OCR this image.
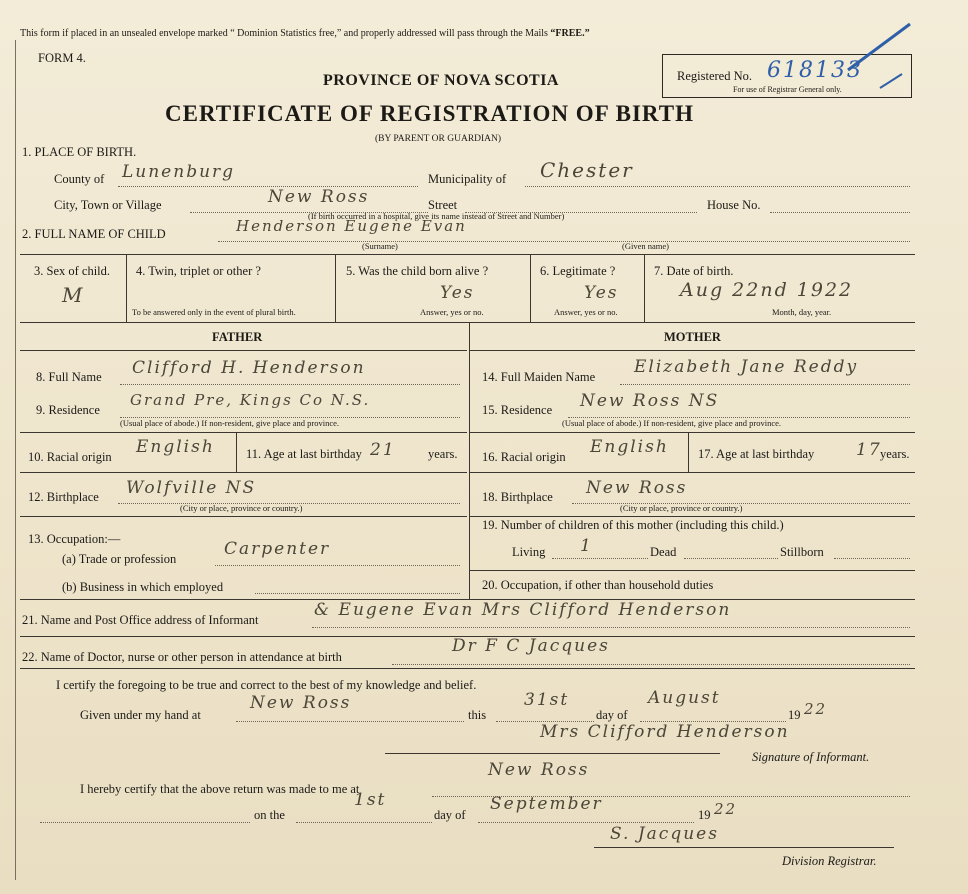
This form if placed in an unsealed envelope marked “ Dominion Statistics free,” and properly addressed will pass through the Mails “FREE.”
FORM 4.
PROVINCE OF NOVA SCOTIA
CERTIFICATE OF REGISTRATION OF BIRTH
(BY PARENT OR GUARDIAN)
Registered No. 618133
For use of Registrar General only.
1. PLACE OF BIRTH.
County of Lunenburg	Municipality of Chester
City, Town or Village	New Ross	Street	House No.
(If birth occurred in a hospital, give its name instead of Street and Number)
2. FULL NAME OF CHILD	Henderson Eugene Evan
(Surname)	(Given name)
3. Sex of child.
M
4. Twin, triplet or other ?
To be answered only in the event of plural birth.
5. Was the child born alive ?
Yes
Answer, yes or no.
6. Legitimate ?
Yes
Answer, yes or no.
7. Date of birth.
Aug 22nd 1922
Month, day, year.
FATHER
8. Full Name Clifford H. Henderson
9. Residence
Grand Pre, Kings Co N.S.
(Usual place of abode.) If non-resident, give place and province.
10. Racial origin English 11. Age at last birthday 21	years.
12. Birthplace Wolfville NS
(City or place, province or country.)
13. Occupation:—
(a) Trade or profession	Carpenter
(b) Business in which employed
MOTHER
14. Full Maiden Name Elizabeth Jane Reddy
15. Residence New Ross NS
(Usual place of abode.) If non-resident, give place and province.
16. Racial origin English 17. Age at last birthday 17
years.
18. Birthplace New Ross
(City or place, province or country.)
19. Number of children of this mother (including this child.)
Living 1	Dead	Stillborn
20. Occupation, if other than household duties
21. Name and Post Office address of Informant	& Eugene Evan Mrs Clifford Henderson
22. Name of Doctor, nurse or other person in attendance at birth
Dr F C Jacques
I certify the foregoing to be true and correct to the best of my knowledge and belief.
Given under my hand at
New Ross
this
31st
day of
August
19 22
Mrs Clifford Henderson
Signature of Informant.
I hereby certify that the above return was made to me at
New Ross
on the
1st
day of
September
19 22
S. Jacques
Division Registrar.
